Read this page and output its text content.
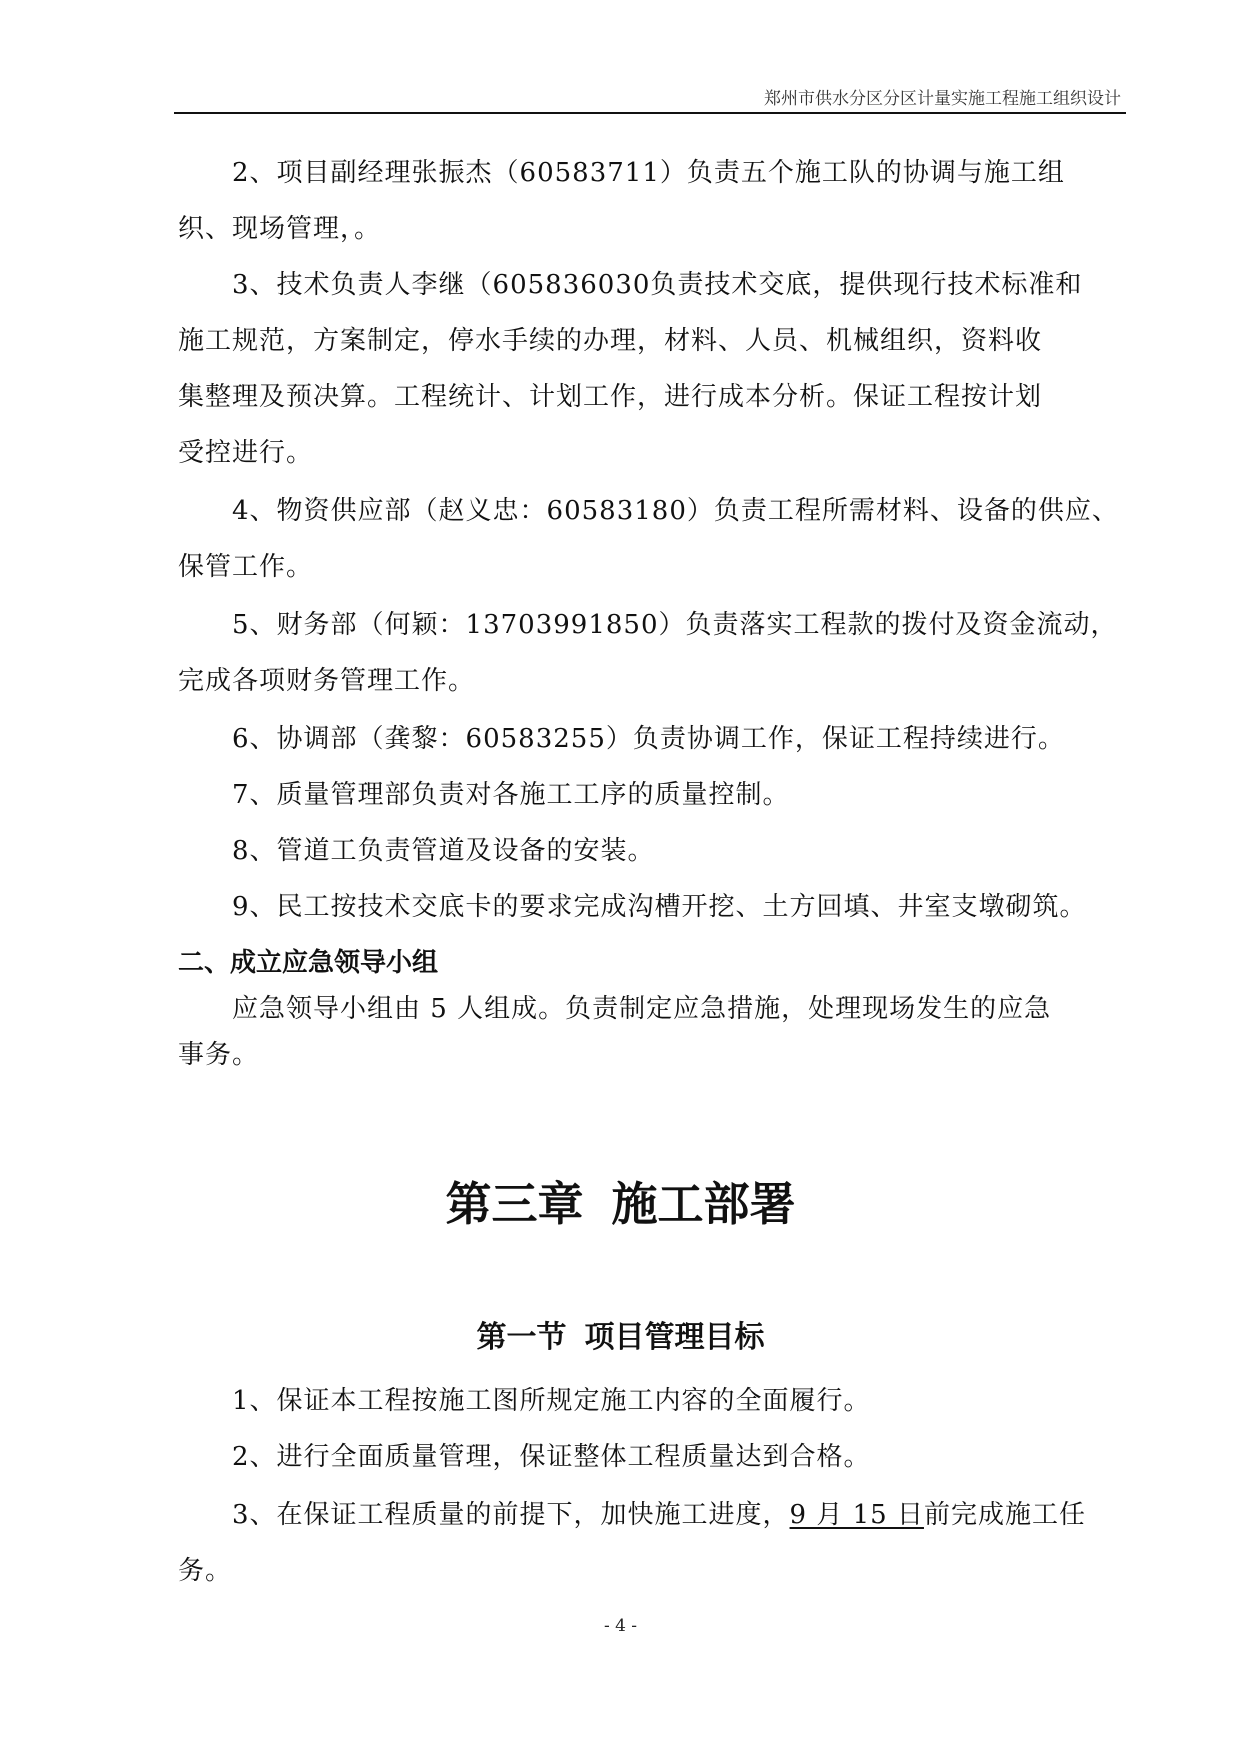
郑州市供水分区分区计量实施工程施工组织设计
2、项目副经理张振杰（60583711）负责五个施工队的协调与施工组
织、现场管理，。
3、技术负责人李继（605836030负责技术交底，提供现行技术标准和
施工规范，方案制定，停水手续的办理，材料、人员、机械组织，资料收
集整理及预决算。工程统计、计划工作，进行成本分析。保证工程按计划
受控进行。
4、物资供应部（赵义忠：60583180）负责工程所需材料、设备的供应、
保管工作。
5、财务部（何颖：13703991850）负责落实工程款的拨付及资金流动，
完成各项财务管理工作。
6、协调部（龚黎：60583255）负责协调工作，保证工程持续进行。
7、质量管理部负责对各施工工序的质量控制。
8、管道工负责管道及设备的安装。
9、民工按技术交底卡的要求完成沟槽开挖、土方回填、井室支墩砌筑。
二、成立应急领导小组
应急领导小组由 5 人组成。负责制定应急措施，处理现场发生的应急
事务。
第三章 施工部署
第一节 项目管理目标
1、保证本工程按施工图所规定施工内容的全面履行。
2、进行全面质量管理，保证整体工程质量达到合格。
3、在保证工程质量的前提下，加快施工进度，9 月 15 日前完成施工任
务。
- 4 -
